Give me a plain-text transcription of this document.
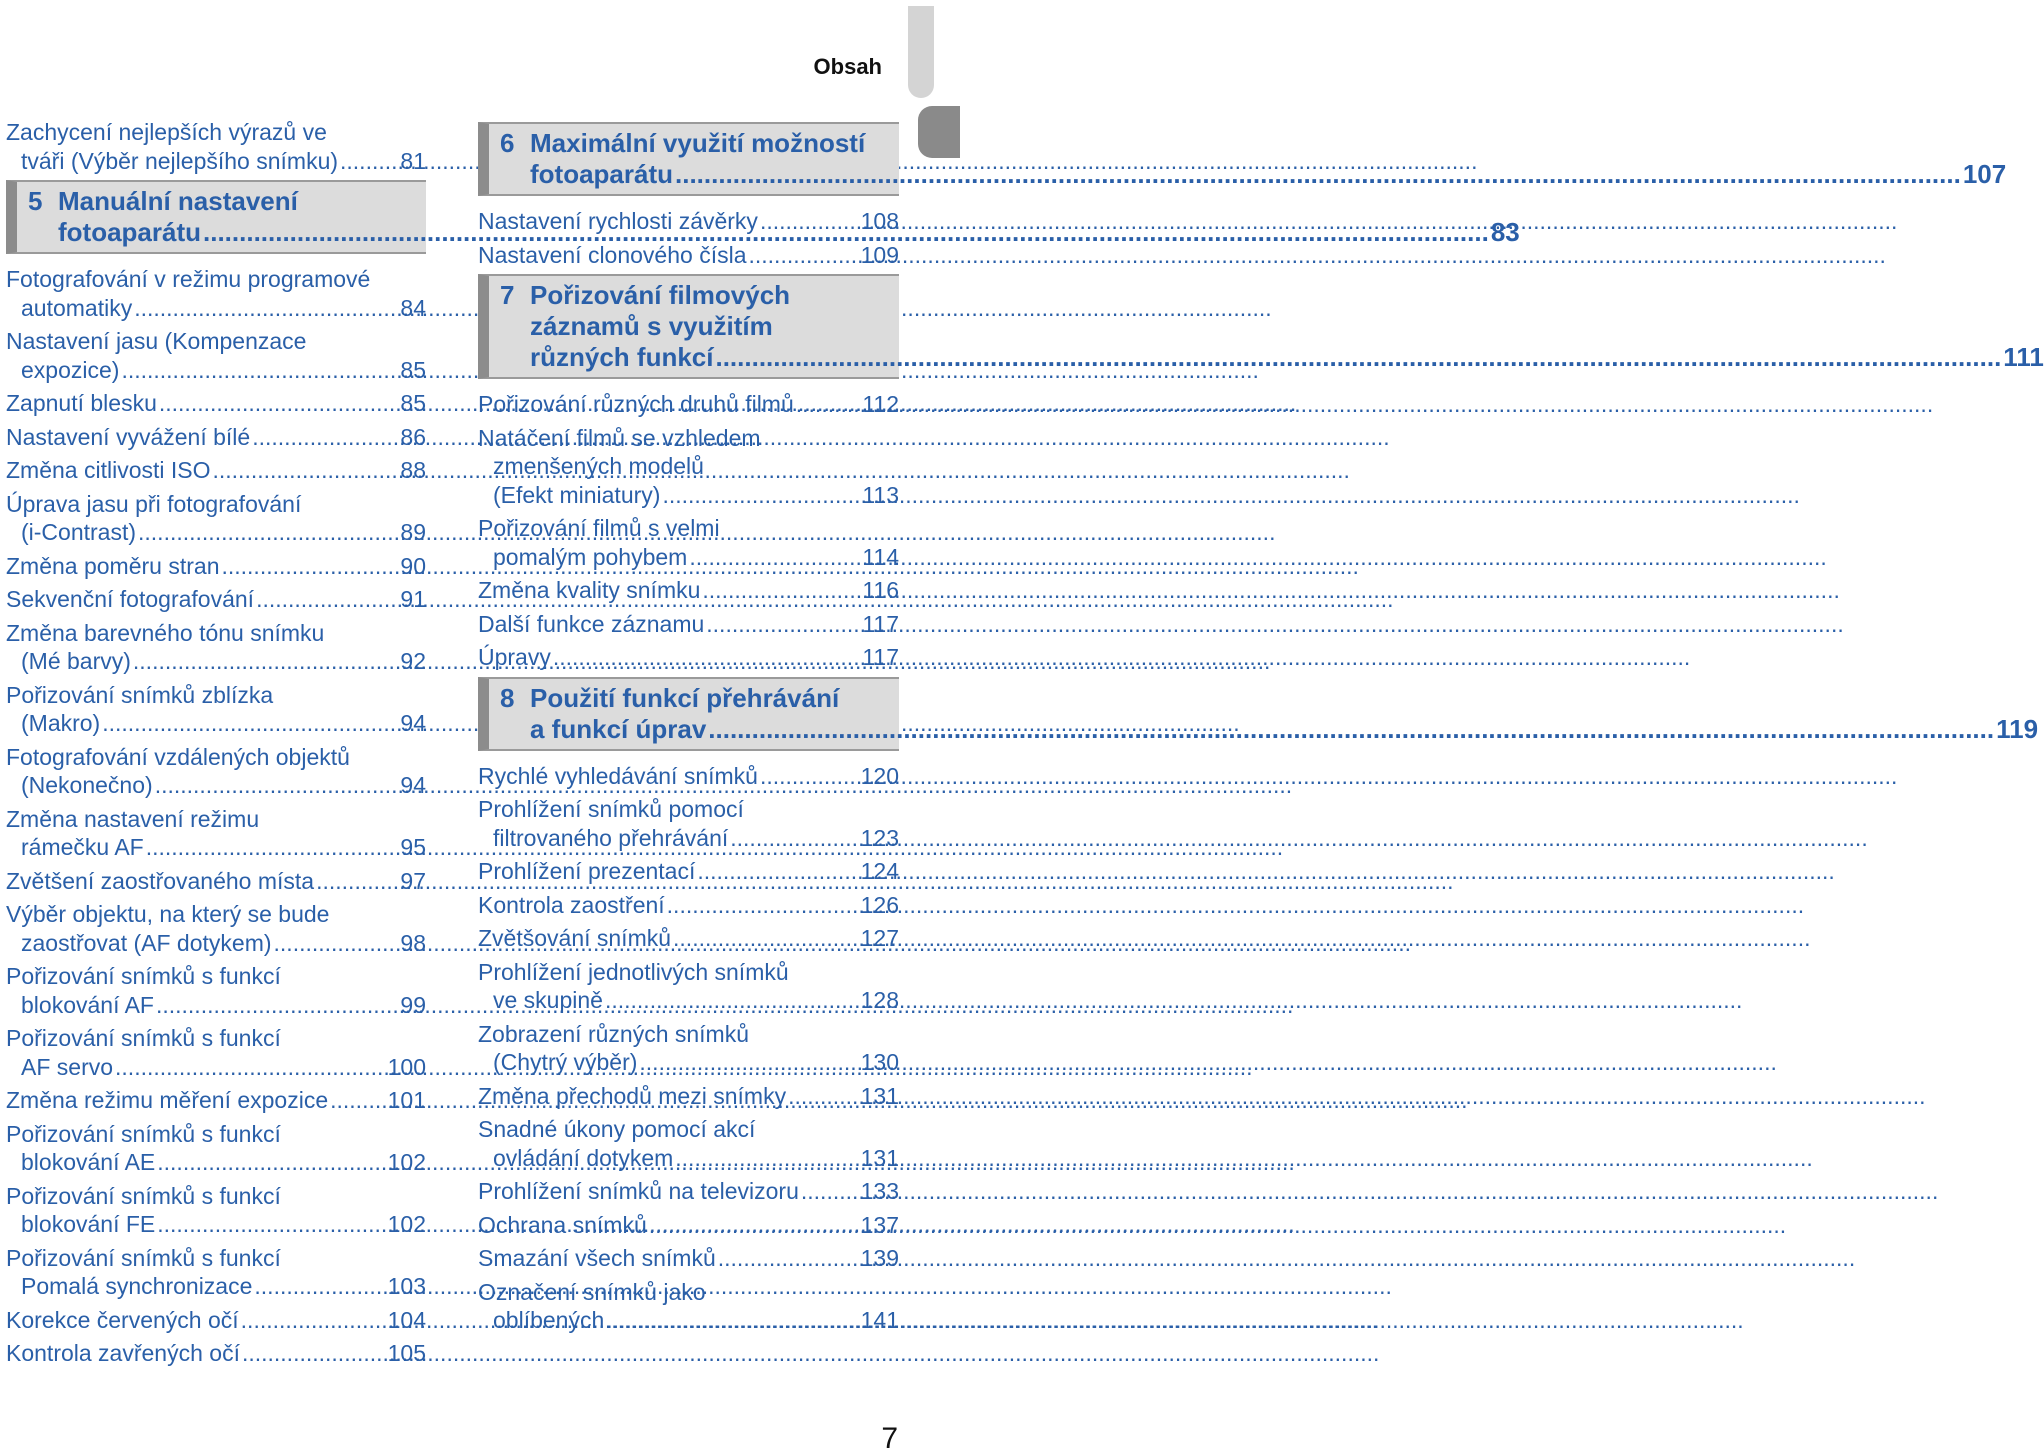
Obsah
Zachycení nejlepších výrazů ve
tváři (Výběr nejlepšího snímku) .....	81
5 Manuální nastavení
fotoaparátu .....	83
Fotografování v režimu programové
automatiky .....	84
Nastavení jasu (Kompenzace
expozice) .....	85
Zapnutí blesku .....	85
Nastavení vyvážení bílé .....	86
Změna citlivosti ISO .....	88
Úprava jasu při fotografování
(i-Contrast) .....	89
Změna poměru stran .....	90
Sekvenční fotografování .....	91
Změna barevného tónu snímku
(Mé barvy) .....	92
Pořizování snímků zblízka
(Makro) .....	94
Fotografování vzdálených objektů
(Nekonečno) .....	94
Změna nastavení režimu
rámečku AF .....	95
Zvětšení zaostřovaného místa .....	97
Výběr objektu, na který se bude
zaostřovat (AF dotykem) .....	98
Pořizování snímků s funkcí
blokování AF .....	99
Pořizování snímků s funkcí
AF servo .....	100
Změna režimu měření expozice .....	101
Pořizování snímků s funkcí
blokování AE .....	102
Pořizování snímků s funkcí
blokování FE .....	102
Pořizování snímků s funkcí
Pomalá synchronizace .....	103
Korekce červených očí .....	104
Kontrola zavřených očí .....	105
6 Maximální využití možností
fotoaparátu .....	107
Nastavení rychlosti závěrky .....	108
Nastavení clonového čísla .....	109
7 Pořizování filmových
záznamů s využitím
různých funkcí .....	111
Pořizování různých druhů filmů .....	112
Natáčení filmů se vzhledem
zmenšených modelů
(Efekt miniatury) .....	113
Pořizování filmů s velmi
pomalým pohybem .....	114
Změna kvality snímku .....	116
Další funkce záznamu .....	117
Úpravy .....	117
8 Použití funkcí přehrávání
a funkcí úprav .....	119
Rychlé vyhledávání snímků .....	120
Prohlížení snímků pomocí
filtrovaného přehrávání .....	123
Prohlížení prezentací .....	124
Kontrola zaostření .....	126
Zvětšování snímků .....	127
Prohlížení jednotlivých snímků
ve skupině .....	128
Zobrazení různých snímků
(Chytrý výběr) .....	130
Změna přechodů mezi snímky .....	131
Snadné úkony pomocí akcí
ovládání dotykem .....	131
Prohlížení snímků na televizoru .....	133
Ochrana snímků .....	137
Smazání všech snímků .....	139
Označení snímků jako
oblíbených .....	141
7
